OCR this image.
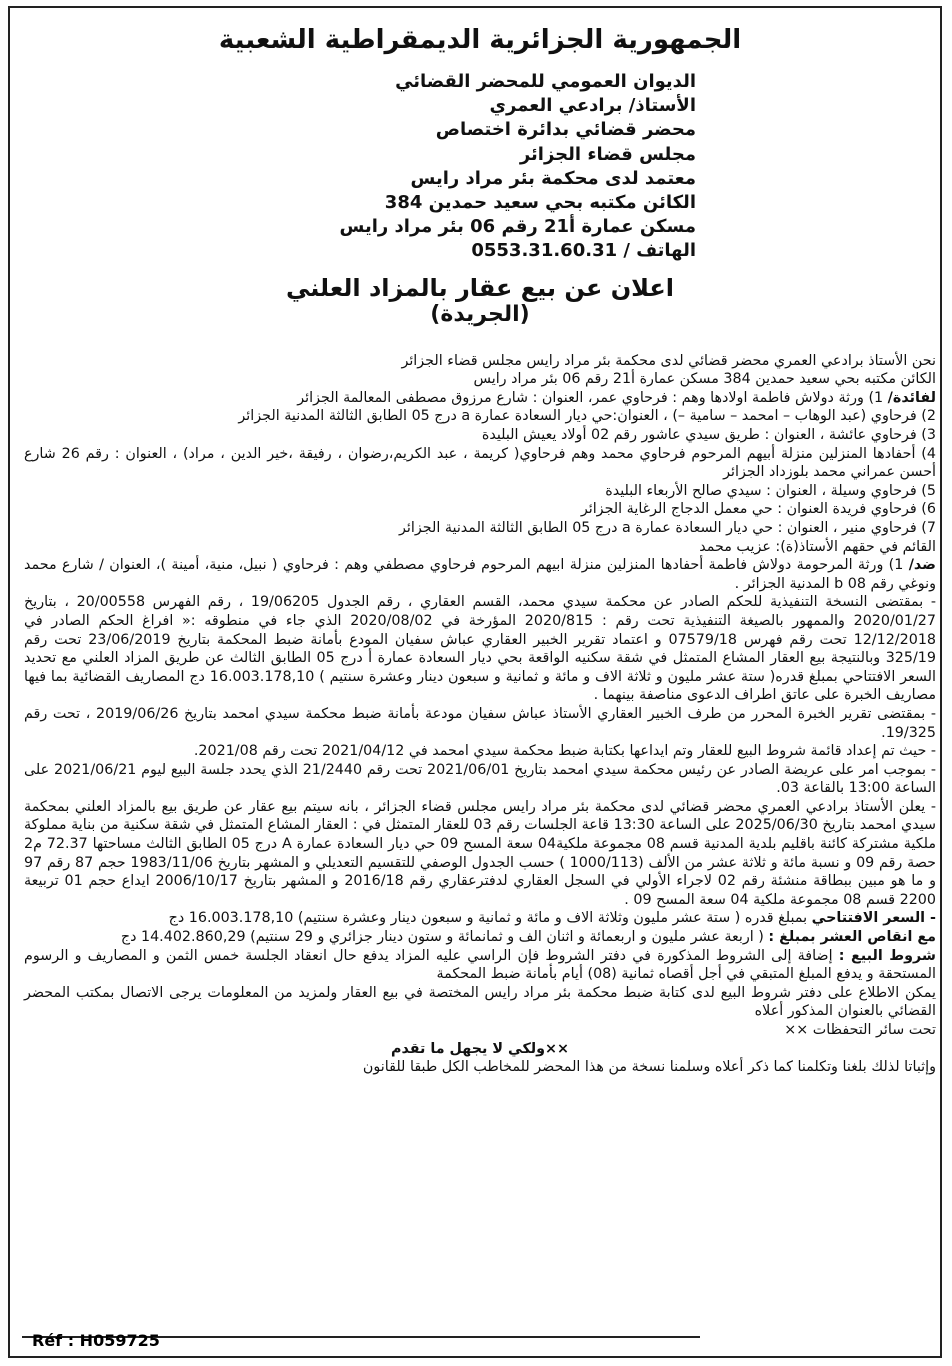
الجمهورية الجزائرية الديمقراطية الشعبية
الديوان العمومي للمحضر القضائي
الأستاذ/ برادعي العمري
محضر قضائي بدائرة اختصاص
مجلس قضاء الجزائر
معتمد لدى محكمة بئر مراد رايس
الكائن مكتبه بحي سعيد حمدين 384
مسكن عمارة أ21 رقم 06 بئر مراد رايس
الهاتف / 0553.31.60.31
اعلان عن بيع عقار بالمزاد العلني
(الجريدة)

نحن الأستاذ برادعي العمري محضر قضائي لدى محكمة بئر مراد رايس مجلس قضاء الجزائر

الكائن مكتبه بحي سعيد حمدين 384 مسكن عمارة أ21 رقم 06 بئر مراد رايس

لفائدة/ 1) ورثة دولاش فاطمة اولادها وهم : فرحاوي عمر، العنوان : شارع مرزوق مصطفى المعالمة الجزائر

2) فرحاوي (عبد الوهاب – امحمد – سامية –) ، العنوان:حي ديار السعادة عمارة a درج 05 الطابق الثالثة المدنية الجزائر

3) فرحاوي عائشة ، العنوان : طريق سيدي عاشور رقم 02 أولاد يعيش البليدة

4) أحفادها المنزلين منزلة أبيهم المرحوم فرحاوي محمد وهم فرحاوي( كريمة ، عبد الكريم،رضوان ، رفيقة ،خير الدين ، مراد) ، العنوان : رقم 26 شارع أحسن عمراني محمد بلوزداد الجزائر

5) فرحاوي وسيلة ، العنوان : سيدي صالح الأربعاء البليدة

6) فرحاوي فريدة العنوان : حي معمل الدجاج الرغاية الجزائر

7) فرحاوي منير ، العنوان : حي ديار السعادة عمارة a درج 05 الطابق الثالثة المدنية الجزائر

القائم في حقهم الأستاذ(ة): عزيب محمد

ضد/ 1) ورثة المرحومة دولاش فاطمة أحفادها المنزلين منزلة ابيهم المرحوم فرحاوي مصطفي وهم : فرحاوي ( نبيل، منية، أمينة )، العنوان / شارع محمد ونوغي رقم 08 b المدنية الجزائر .

- بمقتضى النسخة التنفيذية للحكم الصادر عن محكمة سيدي محمد، القسم العقاري ، رقم الجدول 19/06205 ، رقم الفهرس 20/00558 ، بتاريخ 2020/01/27 والممهور بالصيغة التنفيذية تحت رقم : 2020/815 المؤرخة في 2020/08/02 الذي جاء في منطوقه :« افراغ الحكم الصادر في 12/12/2018 تحت رقم فهرس 07579/18 و اعتماد تقرير الخبير العقاري عباش سفيان المودع بأمانة ضبط المحكمة بتاريخ 23/06/2019 تحت رقم 325/19 وبالنتيجة بيع العقار المشاع المتمثل في شقة سكنيه الواقعة بحي ديار السعادة عمارة أ درج 05 الطابق الثالث عن طريق المزاد العلني مع تحديد السعر الافتتاحي بمبلغ قدره( ستة عشر مليون و ثلاثة الاف و مائة و ثمانية و سبعون دينار وعشرة سنتيم ) 16.003.178,10 دج المصاريف القضائية بما فيها مصاريف الخبرة على عاتق اطراف الدعوى مناصفة بينهما .

- بمقتضى تقرير الخبرة المحرر من طرف الخبير العقاري الأستاذ عباش سفيان مودعة بأمانة ضبط محكمة سيدي امحمد بتاريخ 2019/06/26 ، تحت رقم 19/325.

- حيث تم إعداد قائمة شروط البيع للعقار وتم ايداعها بكتابة ضبط محكمة سيدي امحمد في 2021/04/12 تحت رقم 2021/08.

- بموجب امر على عريضة الصادر عن رئيس محكمة سيدي امحمد بتاريخ 2021/06/01 تحت رقم 21/2440 الذي يحدد جلسة البيع ليوم 2021/06/21 على الساعة 13:00 بالقاعة 03.

- يعلن الأستاذ برادعي العمري محضر قضائي لدى محكمة بئر مراد رايس مجلس قضاء الجزائر ، بانه سيتم بيع عقار عن طريق بيع بالمزاد العلني بمحكمة سيدي امحمد بتاريخ 2025/06/30 على الساعة 13:30 قاعة الجلسات رقم 03 للعقار المتمثل في : العقار المشاع المتمثل في شقة سكنية من بناية مملوكة ملكية مشتركة كائنة باقليم بلدية المدنية قسم 08 مجموعة ملكية04 سعة المسح 09 حي ديار السعادة عمارة A درج 05 الطابق الثالث مساحتها 72.37 م2 حصة رقم 09 و نسبة مائة و ثلاثة عشر من الألف (1000/113 ) حسب الجدول الوصفي للتقسيم التعديلي و المشهر بتاريخ 1983/11/06 حجم 87 رقم 97 و ما هو مبين ببطاقة منشئة رقم 02 لاجراء الأولي في السجل العقاري لدفترعقاري رقم 2016/18 و المشهر بتاريخ 2006/10/17 ايداع حجم 01 تربيعة 2200 قسم 08 مجموعة ملكية 04 سعة المسح 09 .

- السعر الافتتاحي بمبلغ قدره ( ستة عشر مليون وثلاثة الاف و مائة و ثمانية و سبعون دينار وعشرة سنتيم) 16.003.178,10 دج

مع انقاص العشر بمبلغ : ( اربعة عشر مليون و اربعمائة و اثنان الف و ثمانمائة و ستون دينار جزائري و 29 سنتيم) 14.402.860,29 دج

شروط البيع : إضافة إلى الشروط المذكورة في دفتر الشروط فإن الراسي عليه المزاد يدفع حال انعقاد الجلسة خمس الثمن و المصاريف و الرسوم المستحقة و يدفع المبلغ المتبقي في أجل أقصاه ثمانية (08) أيام بأمانة ضبط المحكمة

يمكن الاطلاع على دفتر شروط البيع لدى كتابة ضبط محكمة بئر مراد رايس المختصة في بيع العقار ولمزيد من المعلومات يرجى الاتصال بمكتب المحضر القضائي بالعنوان المذكور أعلاه

تحت سائر التحفظات ××

××ولكي لا يجهل ما تقدم

وإثباتا لذلك بلغنا وتكلمنا كما ذكر أعلاه وسلمنا نسخة من هذا المحضر للمخاطب الكل طبقا للقانون

Réf : H059725
